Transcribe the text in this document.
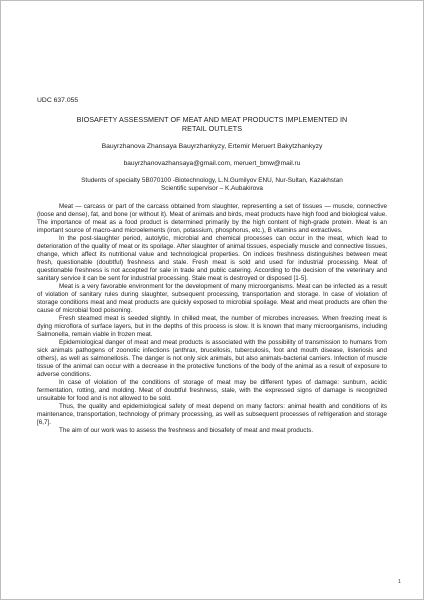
UDC 637.055
BIOSAFETY ASSESSMENT OF MEAT AND MEAT PRODUCTS IMPLEMENTED IN
RETAIL OUTLETS
Bauyrzhanova Zhansaya Bauyrzhankyzy, Ertemir Meruert Bakytzhankyzy
bauyrzhanovazhansaya@gmail.com, meruert_bmw@mail.ru
Students of specialty 5B070100 -Biotechnology, L.N.Gumilyov ENU, Nur-Sultan, Kazakhstan
Scientific supervisor – K.Aubakirova

Meat — carcass or part of the carcass obtained from slaughter, representing a set of tissues — muscle, connective (loose and dense), fat, and bone (or without it). Meat of animals and birds, meat products have high food and biological value. The importance of meat as a food product is determined primarily by the high content of high-grade protein. Meat is an important source of macro-and microelements (iron, potassium, phosphorus, etc.), B vitamins and extractives.

In the post-slaughter period, autolytic, microbial and chemical processes can occur in the meat, which lead to deterioration of the quality of meat or its spoilage. After slaughter of animal tissues, especially muscle and connective tissues, change, which affect its nutritional value and technological properties. On indices freshness distinguishes between meat fresh, questionable (doubtful) freshness and stale. Fresh meat is sold and used for industrial processing. Meat of questionable freshness is not accepted for sale in trade and public catering. According to the decision of the veterinary and sanitary service it can be sent for industrial processing. Stale meat is destroyed or disposed [1-5].

Meat is a very favorable environment for the development of many microorganisms. Meat can be infected as a result of violation of sanitary rules during slaughter, subsequent processing, transportation and storage. In case of violation of storage conditions meat and meat products are quickly exposed to microbial spoilage. Meat and meat products are often the cause of microbial food poisoning.

Fresh steamed meat is seeded slightly. In chilled meat, the number of microbes increases. When freezing meat is dying microflora of surface layers, but in the depths of this process is slow. It is known that many microorganisms, including Salmonella, remain viable in frozen meat.

Epidemiological danger of meat and meat products is associated with the possibility of transmission to humans from sick animals pathogens of zoonotic infections (anthrax, brucellosis, tuberculosis, foot and mouth disease, listeriosis and others), as well as salmonellosis. The danger is not only sick animals, but also animals-bacterial carriers. Infection of muscle tissue of the animal can occur with a decrease in the protective functions of the body of the animal as a result of exposure to adverse conditions.

In case of violation of the conditions of storage of meat may be different types of damage: sunburn, acidic fermentation, rotting, and molding. Meat of doubtful freshness, stale, with the expressed signs of damage is recognized unsuitable for food and is not allowed to be sold.

Thus, the quality and epidemiological safety of meat depend on many factors: animal health and conditions of its maintenance, transportation, technology of primary processing, as well as subsequent processes of refrigeration and storage [6,7].

The aim of our work was to assess the freshness and biosafety of meat and meat products.

1
